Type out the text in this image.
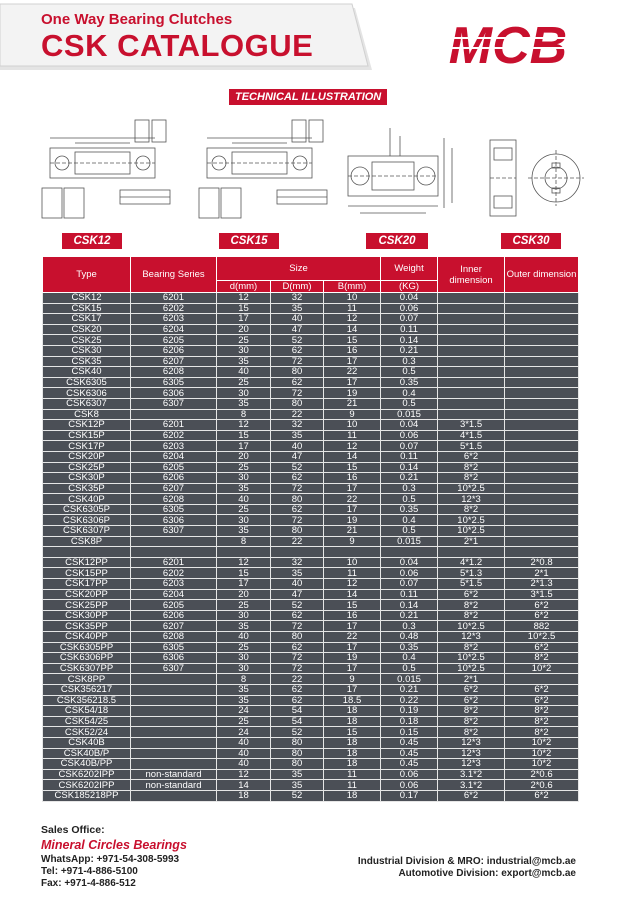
One Way Bearing Clutches
CSK CATALOGUE	MCB
TECHNICAL ILLUSTRATION
CSK12	CSK15	CSK20	CSK30
Type	Bearing Series	Size			Weight	Inner dimension	Outer dimension
		d(mm)	D(mm)	B(mm)	(KG)		
CSK12	6201	12	32	10	0.04		
CSK15	6202	15	35	11	0.06		
CSK17	6203	17	40	12	0.07		
CSK20	6204	20	47	14	0.11		
CSK25	6205	25	52	15	0.14		
CSK30	6206	30	62	16	0.21		
CSK35	6207	35	72	17	0.3		
CSK40	6208	40	80	22	0.5		
CSK6305	6305	25	62	17	0.35		
CSK6306	6306	30	72	19	0.4		
CSK6307	6307	35	80	21	0.5		
CSK8		8	22	9	0.015		
CSK12P	6201	12	32	10	0.04	3*1.5	
CSK15P	6202	15	35	11	0.06	4*1.5	
CSK17P	6203	17	40	12	0.07	5*1.5	
CSK20P	6204	20	47	14	0.11	6*2	
CSK25P	6205	25	52	15	0.14	8*2	
CSK30P	6206	30	62	16	0.21	8*2	
CSK35P	6207	35	72	17	0.3	10*2.5	
CSK40P	6208	40	80	22	0.5	12*3	
CSK6305P	6305	25	62	17	0.35	8*2	
CSK6306P	6306	30	72	19	0.4	10*2.5	
CSK6307P	6307	35	80	21	0.5	10*2.5	
CSK8P		8	22	9	0.015	2*1	

CSK12PP	6201	12	32	10	0.04	4*1.2	2*0.8
CSK15PP	6202	15	35	11	0.06	5*1.3	2*1
CSK17PP	6203	17	40	12	0.07	5*1.5	2*1.3
CSK20PP	6204	20	47	14	0.11	6*2	3*1.5
CSK25PP	6205	25	52	15	0.14	8*2	6*2
CSK30PP	6206	30	62	16	0.21	8*2	6*2
CSK35PP	6207	35	72	17	0.3	10*2.5	882
CSK40PP	6208	40	80	22	0.48	12*3	10*2.5
CSK6305PP	6305	25	62	17	0.35	8*2	6*2
CSK6306PP	6306	30	72	19	0.4	10*2.5	8*2
CSK6307PP	6307	30	72	17	0.5	10*2.5	10*2
CSK8PP		8	22	9	0.015	2*1	
CSK356217		35	62	17	0.21	6*2	6*2
CSK356218.5		35	62	18.5	0.22	6*2	6*2
CSK54/18		24	54	18	0.19	8*2	8*2
CSK54/25		25	54	18	0.18	8*2	8*2
CSK52/24		24	52	15	0.15	8*2	8*2
CSK40B		40	80	18	0.45	12*3	10*2
CSK40B/P		40	80	18	0.45	12*3	10*2
CSK40B/PP		40	80	18	0.45	12*3	10*2
CSK6202IPP	non-standard	12	35	11	0.06	3.1*2	2*0.6
CSK6202IPP	non-standard	14	35	11	0.06	3.1*2	2*0.6
CSK185218PP		18	52	18	0.17	6*2	6*2
Sales Office:
Mineral Circles Bearings
WhatsApp: +971-54-308-5993
Tel: +971-4-886-5100
Fax: +971-4-886-512
Industrial Division & MRO: industrial@mcb.ae
Automotive Division: export@mcb.ae
